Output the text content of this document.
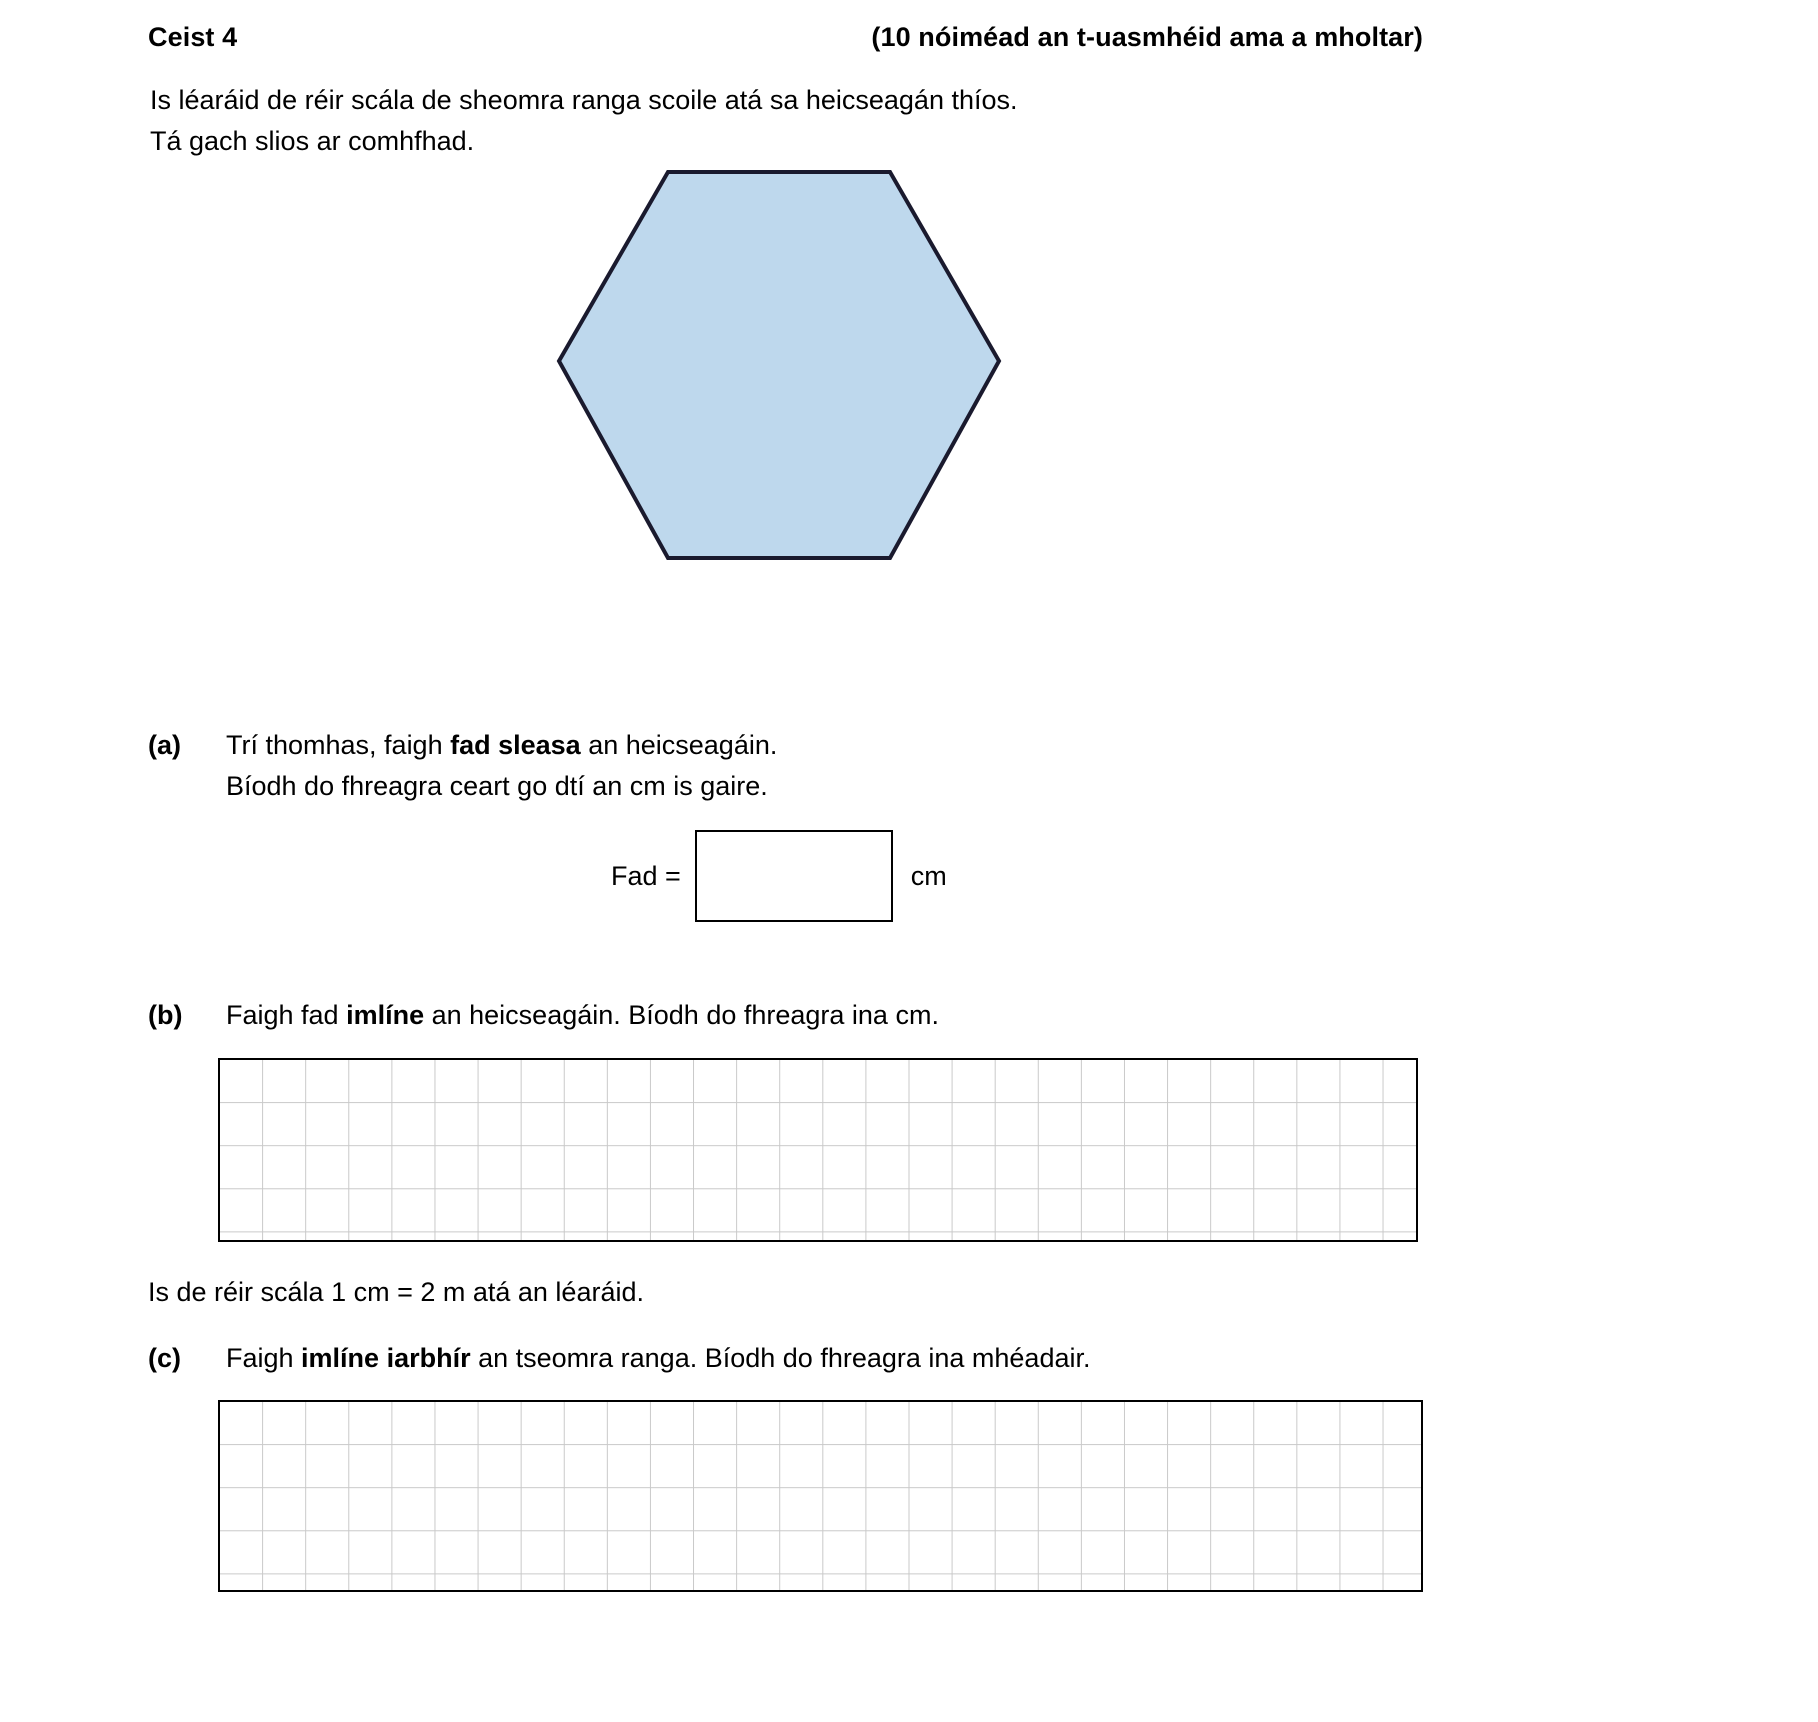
Ceist 4	(10 nóiméad an t-uasmhéid ama a mholtar)
Is léaráid de réir scála de sheomra ranga scoile atá sa heicseagán thíos.
Tá gach slios ar comhfhad.
(a) Trí thomhas, faigh fad sleasa an heicseagáin.
Bíodh do fhreagra ceart go dtí an cm is gaire.
Fad =	cm
(b) Faigh fad imlíne an heicseagáin. Bíodh do fhreagra ina cm.
Is de réir scála 1 cm = 2 m atá an léaráid.
(c) Faigh imlíne iarbhír an tseomra ranga. Bíodh do fhreagra ina mhéadair.
